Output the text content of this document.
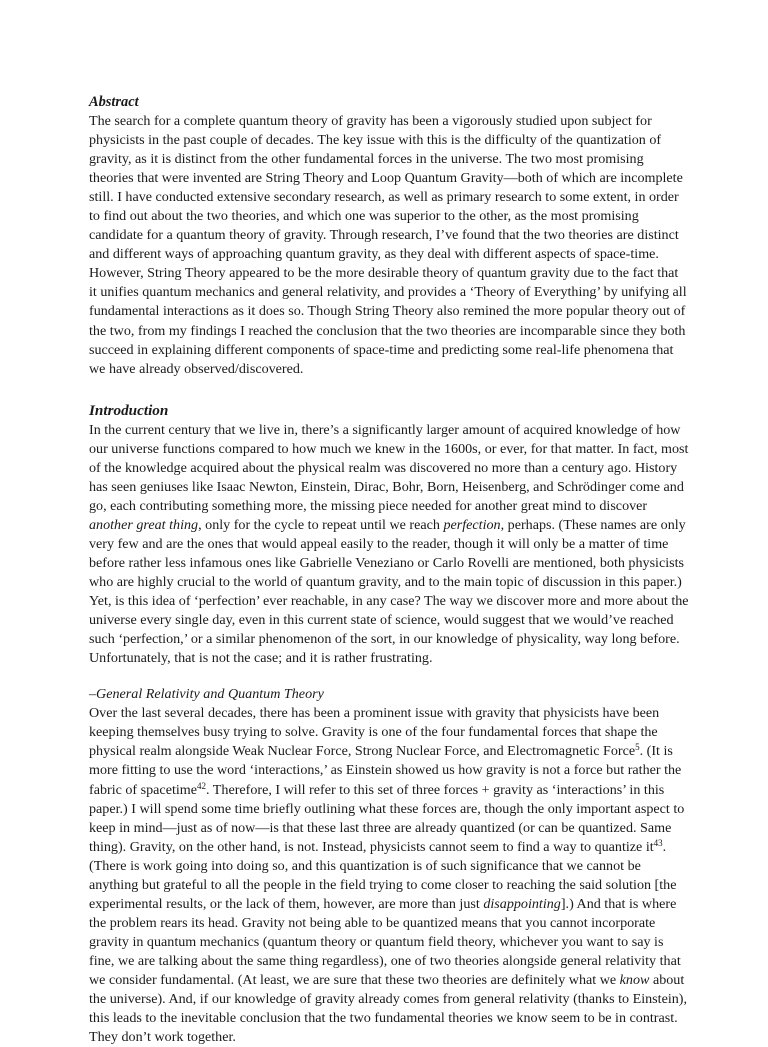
Abstract

The search for a complete quantum theory of gravity has been a vigorously studied upon subject for physicists in the past couple of decades. The key issue with this is the difficulty of the quantization of gravity, as it is distinct from the other fundamental forces in the universe. The two most promising theories that were invented are String Theory and Loop Quantum Gravity—both of which are incomplete still. I have conducted extensive secondary research, as well as primary research to some extent, in order to find out about the two theories, and which one was superior to the other, as the most promising candidate for a quantum theory of gravity. Through research, I’ve found that the two theories are distinct and different ways of approaching quantum gravity, as they deal with different aspects of space-time. However, String Theory appeared to be the more desirable theory of quantum gravity due to the fact that it unifies quantum mechanics and general relativity, and provides a ‘Theory of Everything’ by unifying all fundamental interactions as it does so. Though String Theory also remined the more popular theory out of the two, from my findings I reached the conclusion that the two theories are incomparable since they both succeed in explaining different components of space-time and predicting some real-life phenomena that we have already observed/discovered.

Introduction

In the current century that we live in, there’s a significantly larger amount of acquired knowledge of how our universe functions compared to how much we knew in the 1600s, or ever, for that matter. In fact, most of the knowledge acquired about the physical realm was discovered no more than a century ago. History has seen geniuses like Isaac Newton, Einstein, Dirac, Bohr, Born, Heisenberg, and Schrödinger come and go, each contributing something more, the missing piece needed for another great mind to discover another great thing, only for the cycle to repeat until we reach perfection, perhaps. (These names are only very few and are the ones that would appeal easily to the reader, though it will only be a matter of time before rather less infamous ones like Gabrielle Veneziano or Carlo Rovelli are mentioned, both physicists who are highly crucial to the world of quantum gravity, and to the main topic of discussion in this paper.) Yet, is this idea of ‘perfection’ ever reachable, in any case? The way we discover more and more about the universe every single day, even in this current state of science, would suggest that we would’ve reached such ‘perfection,’ or a similar phenomenon of the sort, in our knowledge of physicality, way long before. Unfortunately, that is not the case; and it is rather frustrating.

–General Relativity and Quantum Theory

Over the last several decades, there has been a prominent issue with gravity that physicists have been keeping themselves busy trying to solve. Gravity is one of the four fundamental forces that shape the physical realm alongside Weak Nuclear Force, Strong Nuclear Force, and Electromagnetic Force$^5$. (It is more fitting to use the word ‘interactions,’ as Einstein showed us how gravity is not a force but rather the fabric of spacetime$^{42}$. Therefore, I will refer to this set of three forces + gravity as ‘interactions’ in this paper.) I will spend some time briefly outlining what these forces are, though the only important aspect to keep in mind—just as of now—is that these last three are already quantized (or can be quantized. Same thing). Gravity, on the other hand, is not. Instead, physicists cannot seem to find a way to quantize $it^{43}$. (There is work going into doing so, and this quantization is of such significance that we cannot be anything but grateful to all the people in the field trying to come closer to reaching the said solution [the experimental results, or the lack of them, however, are more than just disappointing].) And that is where the problem rears its head. Gravity not being able to be quantized means that you cannot incorporate gravity in quantum mechanics (quantum theory or quantum field theory, whichever you want to say is fine, we are talking about the same thing regardless), one of two theories alongside general relativity that we consider fundamental. (At least, we are sure that these two theories are definitely what we know about the universe). And, if our knowledge of gravity already comes from general relativity (thanks to Einstein), this leads to the inevitable conclusion that the two fundamental theories we know seem to be in contrast. They don’t work together.
